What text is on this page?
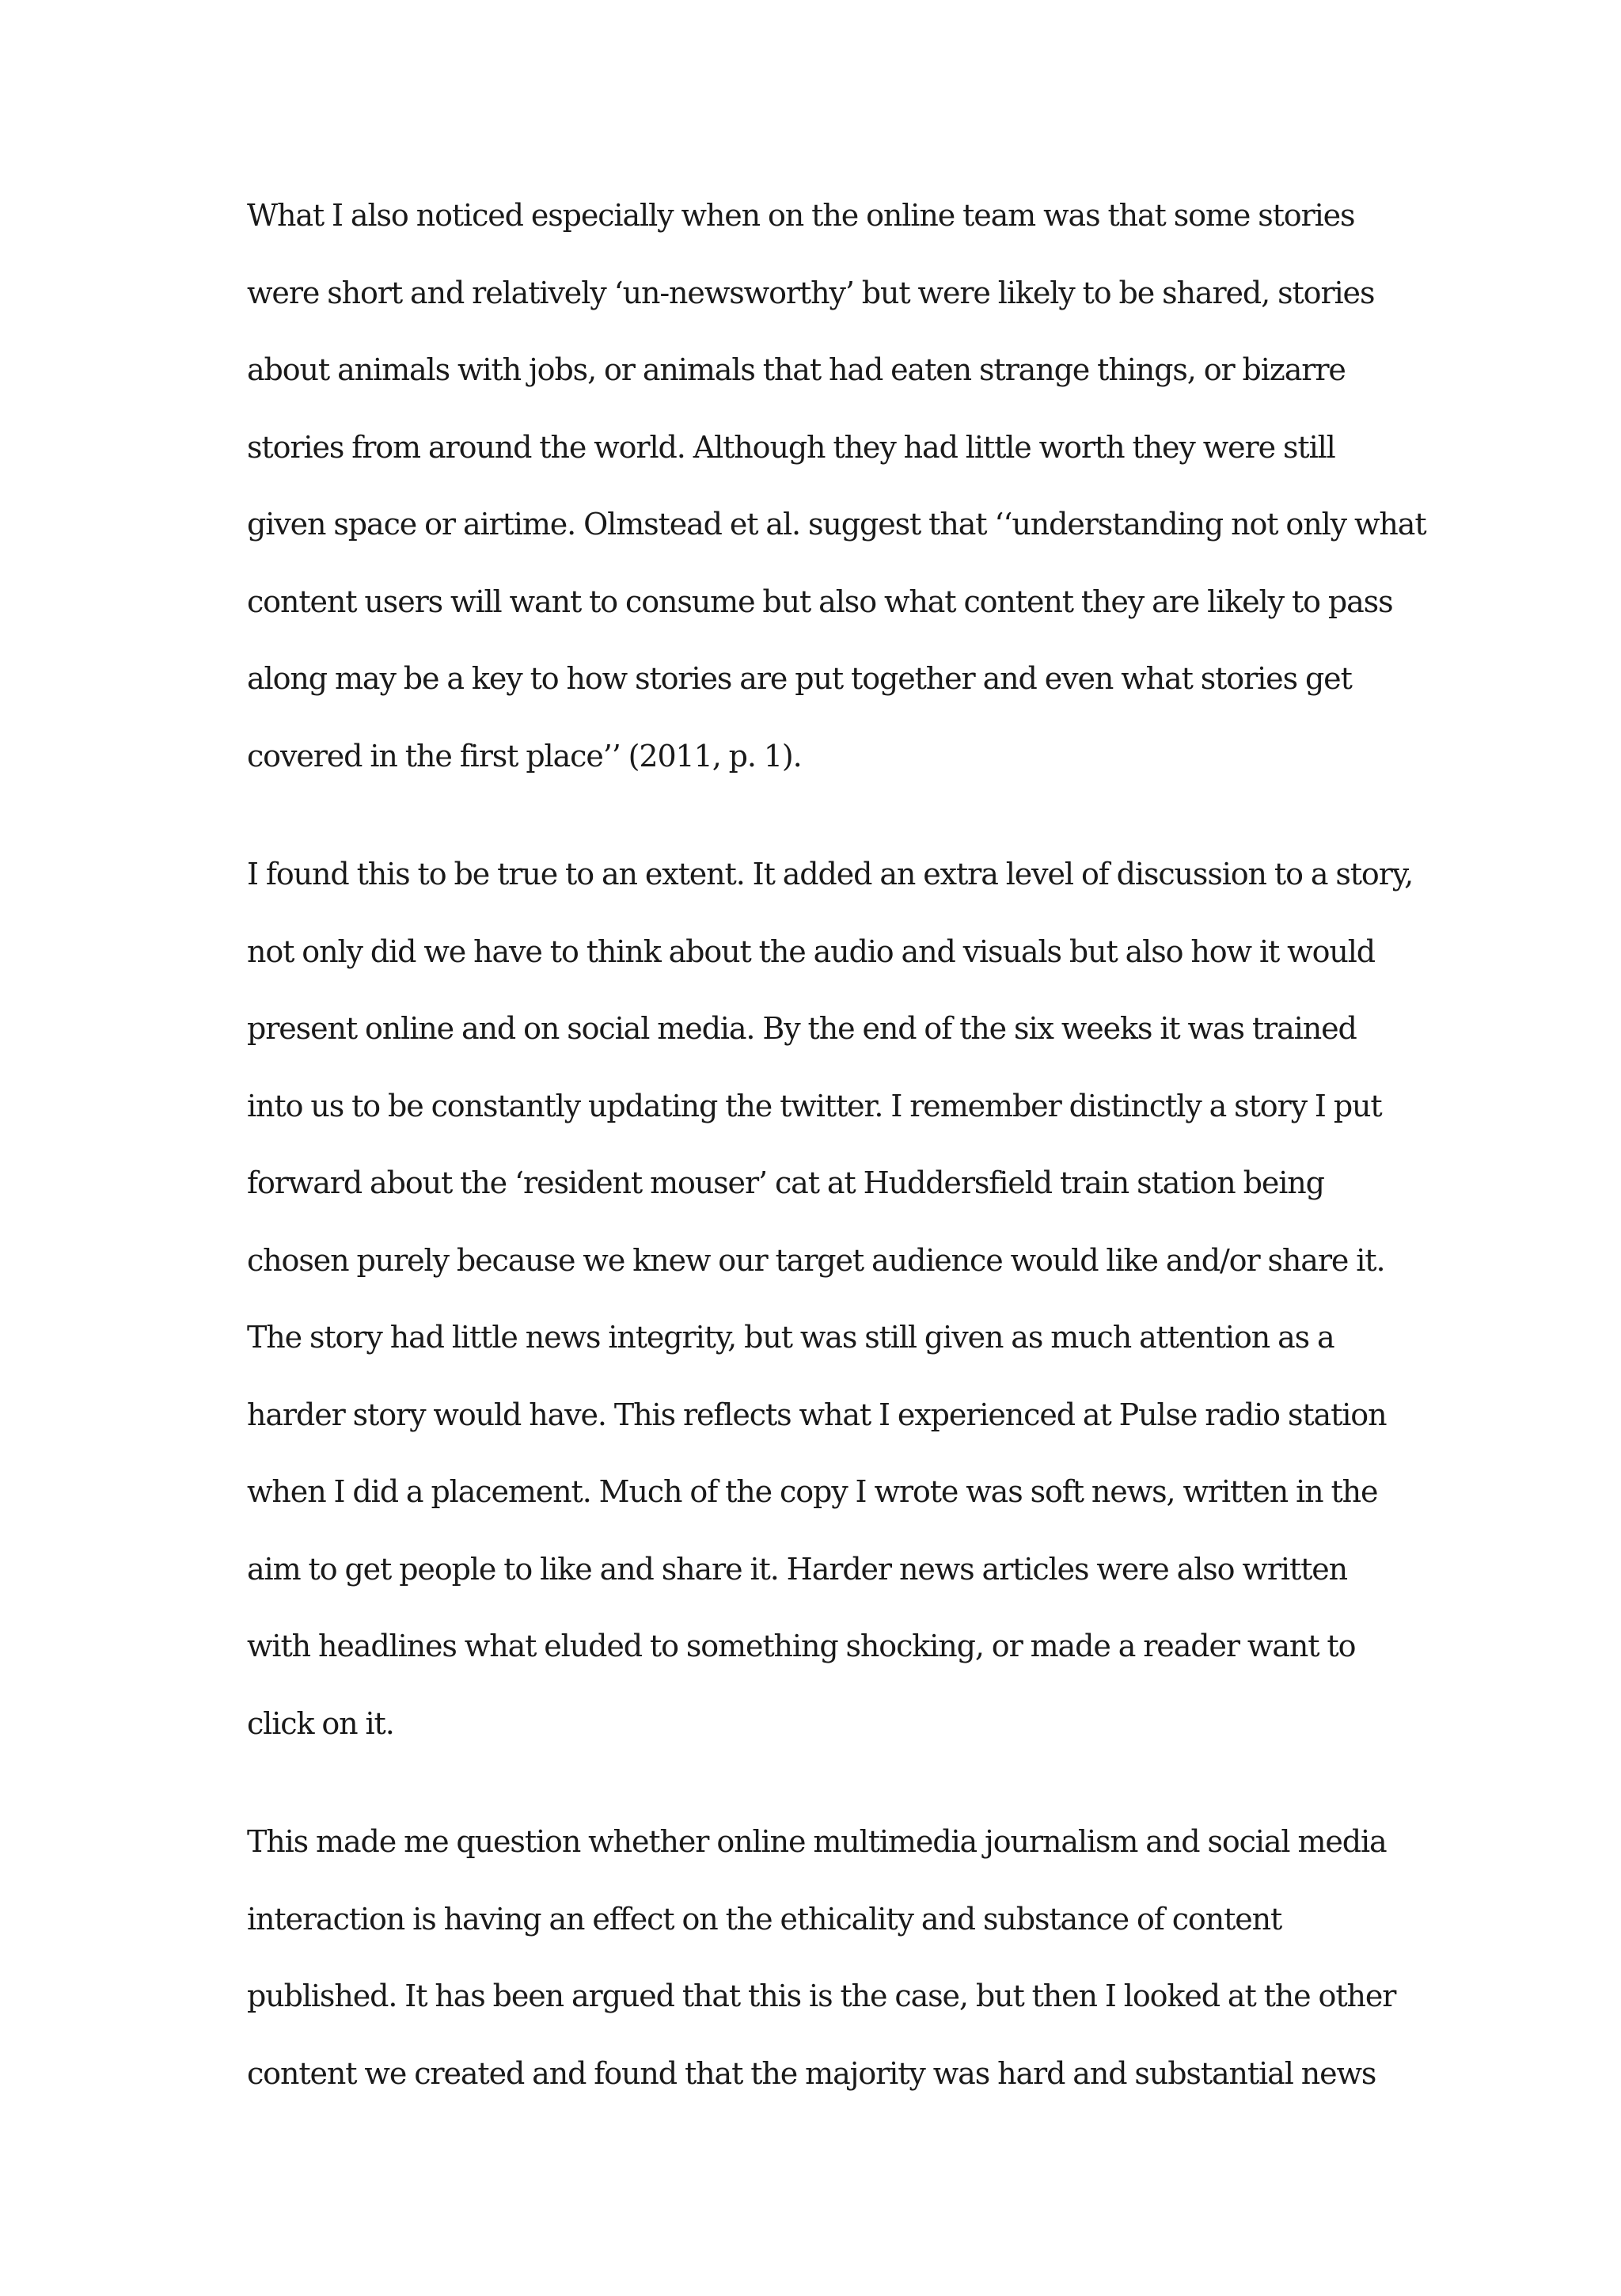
What I also noticed especially when on the online team was that some stories
were short and relatively ‘un-newsworthy’ but were likely to be shared, stories
about animals with jobs, or animals that had eaten strange things, or bizarre
stories from around the world. Although they had little worth they were still
given space or airtime. Olmstead et al. suggest that ‘‘understanding not only what
content users will want to consume but also what content they are likely to pass
along may be a key to how stories are put together and even what stories get
covered in the first place’’ (2011, p. 1).

I found this to be true to an extent. It added an extra level of discussion to a story,
not only did we have to think about the audio and visuals but also how it would
present online and on social media. By the end of the six weeks it was trained
into us to be constantly updating the twitter. I remember distinctly a story I put
forward about the ‘resident mouser’ cat at Huddersfield train station being
chosen purely because we knew our target audience would like and/or share it.
The story had little news integrity, but was still given as much attention as a
harder story would have. This reflects what I experienced at Pulse radio station
when I did a placement. Much of the copy I wrote was soft news, written in the
aim to get people to like and share it. Harder news articles were also written
with headlines what eluded to something shocking, or made a reader want to
click on it.

This made me question whether online multimedia journalism and social media
interaction is having an effect on the ethicality and substance of content
published. It has been argued that this is the case, but then I looked at the other
content we created and found that the majority was hard and substantial news
